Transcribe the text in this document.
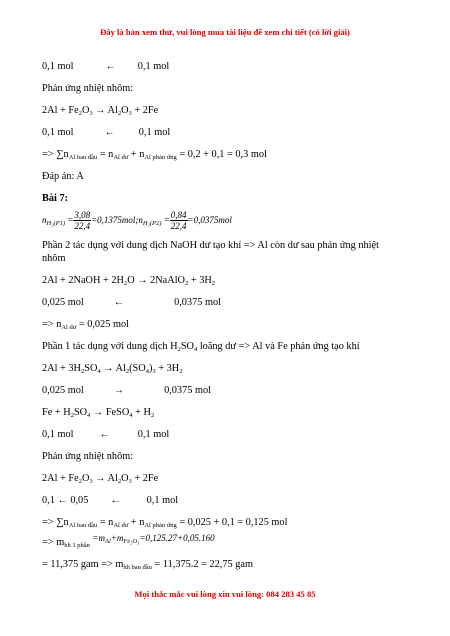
Đây là bản xem thử, vui lòng mua tài liệu để xem chi tiết (có lời giải)
0,1 mol	← 0,1 mol
Phản ứng nhiệt nhôm:
$2Al + Fe_2O_3 \to Al_2O_3 + 2Fe$
0,1 mol	← 0,1 mol
=> $\sum n_{Al ban đầu} = n_{Al dư} + n_{Al phản ứng} = 0,2 + 0,1 = 0,3$ mol
Đáp án: A
Bài 7:
$n_{H_2(P1)} = \frac{3,08}{22,4}$ $=0,1375mol;n_{H_2(P2)} = \frac{0,84}{22,4} =0,0375mol$
Phần 2 tác dụng với dung dịch NaOH dư tạo khí => Al còn dư sau phản ứng nhiệt
nhôm
2Al + 2NaOH + $2H_2O$ → 2NaAlO$_2$ + $3H_2$
0,025 mol	←	0,0375 mol
=> $n_{Al dư} = 0,025$ mol
Phần 1 tác dụng với dung dịch $H_2SO_4$ loãng dư => Al và Fe phản ứng tạo khí
$2Al + 3H_2SO_4 \to Al_2(SO_4)_3 + 3H_2$
0,025 mol	→	0,0375 mol
$Fe + H_2SO_4$ → FeSO$_4$ + $H_2$
0,1 mol	←	0,1 mol
Phản ứng nhiệt nhôm:
$2Al + Fe_2O_3 \to Al_2O_3 + 2Fe$
0,1 ← 0,05 ←	0,1 mol
=> $\sum n_{Al ban đầu} = n_{Al dư} + n_{Al phản ứng} = 0,025 + 0,1 = 0,125$ mol
=> $m_{hh 1 phần} =m_{Al}+m_{Fe_2O_3}=0,125.27+0,05.160$
= 11,375 gam => $m_{hh ban đầu} = 11,375.2 = 22,75$ gam
Mọi thắc mắc vui lòng xin vui lòng: 084 283 45 85
